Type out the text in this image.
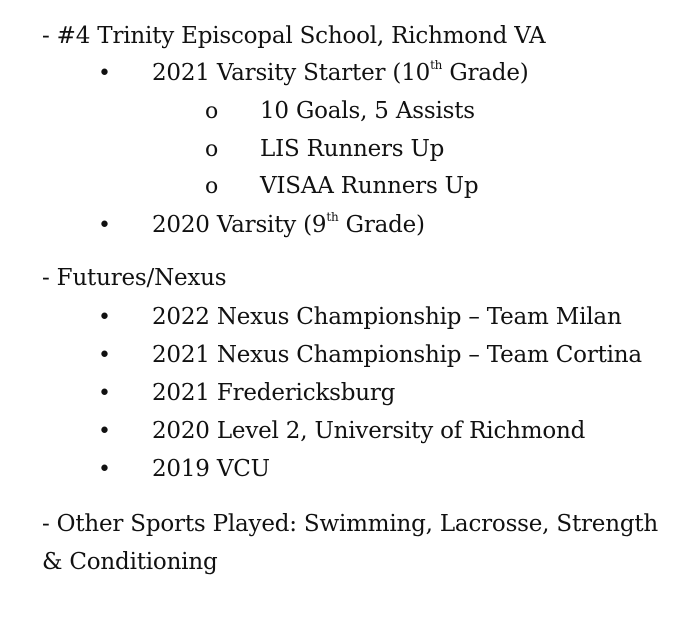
- #4 Trinity Episcopal School, Richmond VA
• 2021 Varsity Starter (10th Grade)
o 10 Goals, 5 Assists
o LIS Runners Up
o VISAA Runners Up
• 2020 Varsity (9th Grade)
- Futures/Nexus
• 2022 Nexus Championship – Team Milan
• 2021 Nexus Championship – Team Cortina
• 2021 Fredericksburg
• 2020 Level 2, University of Richmond
• 2019 VCU
- Other Sports Played: Swimming, Lacrosse, Strength & Conditioning
